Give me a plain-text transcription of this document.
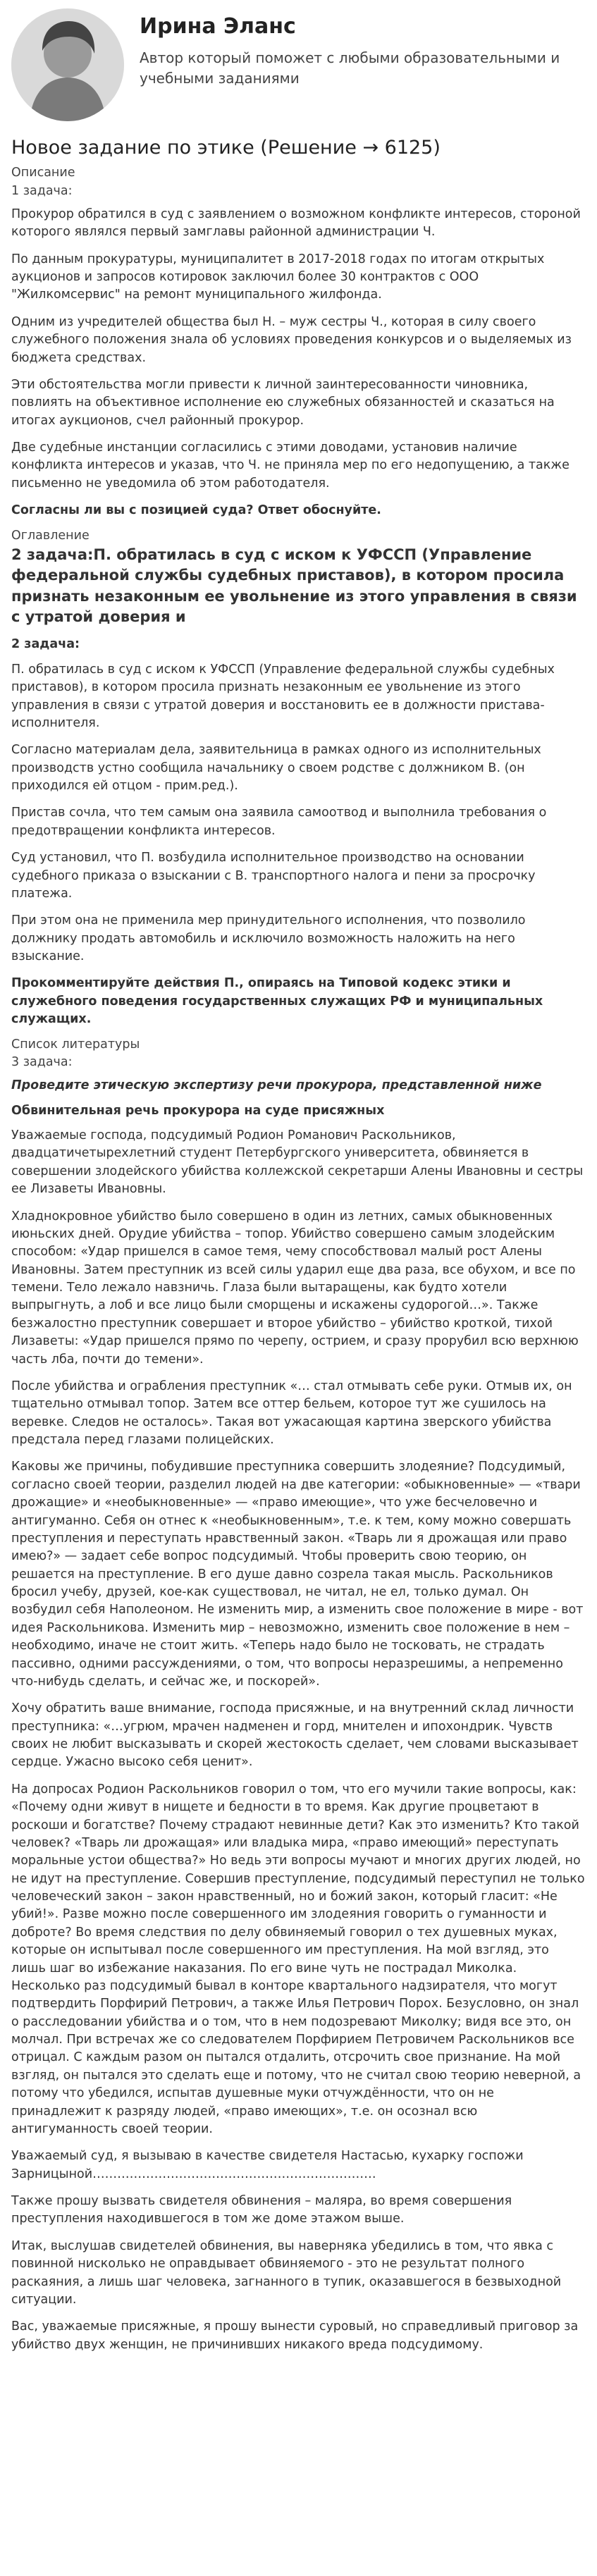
Ирина Эланс
Автор который поможет с любыми образовательными и учебными заданиями
Новое задание по этике (Решение → 6125)
Описание
1 задача:

Прокурор обратился в суд с заявлением о возможном конфликте интересов, стороной которого являлся первый замглавы районной администрации Ч.

По данным прокуратуры, муниципалитет в 2017-2018 годах по итогам открытых аукционов и запросов котировок заключил более 30 контрактов с ООО "Жилкомсервис" на ремонт муниципального жилфонда.

Одним из учредителей общества был Н. – муж сестры Ч., которая в силу своего служебного положения знала об условиях проведения конкурсов и о выделяемых из бюджета средствах.

Эти обстоятельства могли привести к личной заинтересованности чиновника, повлиять на объективное исполнение ею служебных обязанностей и сказаться на итогах аукционов, счел районный прокурор.

Две судебные инстанции согласились с этими доводами, установив наличие конфликта интересов и указав, что Ч. не приняла мер по его недопущению, а также письменно не уведомила об этом работодателя.

Согласны ли вы с позицией суда? Ответ обоснуйте.
Оглавление
2 задача:П. обратилась в суд с иском к УФССП (Управление федеральной службы судебных приставов), в котором просила признать незаконным ее увольнение из этого управления в связи с утратой доверия и
2 задача:

П. обратилась в суд с иском к УФССП (Управление федеральной службы судебных приставов), в котором просила признать незаконным ее увольнение из этого управления в связи с утратой доверия и восстановить ее в должности пристава-исполнителя.

Согласно материалам дела, заявительница в рамках одного из исполнительных производств устно сообщила начальнику о своем родстве с должником В. (он приходился ей отцом - прим.ред.).

Пристав сочла, что тем самым она заявила самоотвод и выполнила требования о предотвращении конфликта интересов.

Суд установил, что П. возбудила исполнительное производство на основании судебного приказа о взыскании с В. транспортного налога и пени за просрочку платежа.

При этом она не применила мер принудительного исполнения, что позволило должнику продать автомобиль и исключило возможность наложить на него взыскание.

Прокомментируйте действия П., опираясь на Типовой кодекс этики и служебного поведения государственных служащих РФ и муниципальных служащих.
Список литературы
3 задача:
Проведите этическую экспертизу речи прокурора, представленной ниже
Обвинительная речь прокурора на суде присяжных

Уважаемые господа, подсудимый Родион Романович Раскольников, двадцатичетырехлетний студент Петербургского университета, обвиняется в совершении злодейского убийства коллежской секретарши Алены Ивановны и сестры ее Лизаветы Ивановны.

Хладнокровное убийство было совершено в один из летних, самых обыкновенных июньских дней. Орудие убийства – топор. Убийство совершено самым злодейским способом: «Удар пришелся в самое темя, чему способствовал малый рост Алены Ивановны. Затем преступник из всей силы ударил еще два раза, все обухом, и все по темени. Тело лежало навзничь. Глаза были вытаращены, как будто хотели выпрыгнуть, а лоб и все лицо были сморщены и искажены судорогой…». Также безжалостно преступник совершает и второе убийство – убийство кроткой, тихой Лизаветы: «Удар пришелся прямо по черепу, острием, и сразу прорубил всю верхнюю часть лба, почти до темени».

После убийства и ограбления преступник «… стал отмывать себе руки. Отмыв их, он тщательно отмывал топор. Затем все оттер бельем, которое тут же сушилось на веревке. Следов не осталось». Такая вот ужасающая картина зверского убийства предстала перед глазами полицейских.

Каковы же причины, побудившие преступника совершить злодеяние? Подсудимый, согласно своей теории, разделил людей на две категории: «обыкновенные» — «твари дрожащие» и «необыкновенные» — «право имеющие», что уже бесчеловечно и антигуманно. Себя он отнес к «необыкновенным», т.е. к тем, кому можно совершать преступления и переступать нравственный закон. «Тварь ли я дрожащая или право имею?» — задает себе вопрос подсудимый. Чтобы проверить свою теорию, он решается на преступление. В его душе давно созрела такая мысль. Раскольников бросил учебу, друзей, кое-как существовал, не читал, не ел, только думал. Он возбудил себя Наполеоном. Не изменить мир, а изменить свое положение в мире - вот идея Раскольникова. Изменить мир – невозможно, изменить свое положение в нем – необходимо, иначе не стоит жить. «Теперь надо было не тосковать, не страдать пассивно, одними рассуждениями, о том, что вопросы неразрешимы, а непременно что-нибудь сделать, и сейчас же, и поскорей».

Хочу обратить ваше внимание, господа присяжные, и на внутренний склад личности преступника: «…угрюм, мрачен надменен и горд, мнителен и ипохондрик. Чувств своих не любит высказывать и скорей жестокость сделает, чем словами высказывает сердце. Ужасно высоко себя ценит».

На допросах Родион Раскольников говорил о том, что его мучили такие вопросы, как: «Почему одни живут в нищете и бедности в то время. Как другие процветают в роскоши и богатстве? Почему страдают невинные дети? Как это изменить? Кто такой человек? «Тварь ли дрожащая» или владыка мира, «право имеющий» переступать моральные устои общества?» Но ведь эти вопросы мучают и многих других людей, но не идут на преступление. Совершив преступление, подсудимый переступил не только человеческий закон – закон нравственный, но и божий закон, который гласит: «Не убий!». Разве можно после совершенного им злодеяния говорить о гуманности и доброте? Во время следствия по делу обвиняемый говорил о тех душевных муках, которые он испытывал после совершенного им преступления. На мой взгляд, это лишь шаг во избежание наказания. По его вине чуть не пострадал Миколка. Несколько раз подсудимый бывал в конторе квартального надзирателя, что могут подтвердить Порфирий Петрович, а также Илья Петрович Порох. Безусловно, он знал о расследовании убийства и о том, что в нем подозревают Миколку; видя все это, он молчал. При встречах же со следователем Порфирием Петровичем Раскольников все отрицал. С каждым разом он пытался отдалить, отсрочить свое признание. На мой взгляд, он пытался это сделать еще и потому, что не считал свою теорию неверной, а потому что убедился, испытав душевные муки отчуждённости, что он не принадлежит к разряду людей, «право имеющих», т.е. он осознал всю антигуманность своей теории.

Уважаемый суд, я вызываю в качестве свидетеля Настасью, кухарку госпожи Зарницыной……………………………………………………………

Также прошу вызвать свидетеля обвинения – маляра, во время совершения преступления находившегося в том же доме этажом выше.

Итак, выслушав свидетелей обвинения, вы наверняка убедились в том, что явка с повинной нисколько не оправдывает обвиняемого - это не результат полного раскаяния, а лишь шаг человека, загнанного в тупик, оказавшегося в безвыходной ситуации.

Вас, уважаемые присяжные, я прошу вынести суровый, но справедливый приговор за убийство двух женщин, не причинивших никакого вреда подсудимому.
